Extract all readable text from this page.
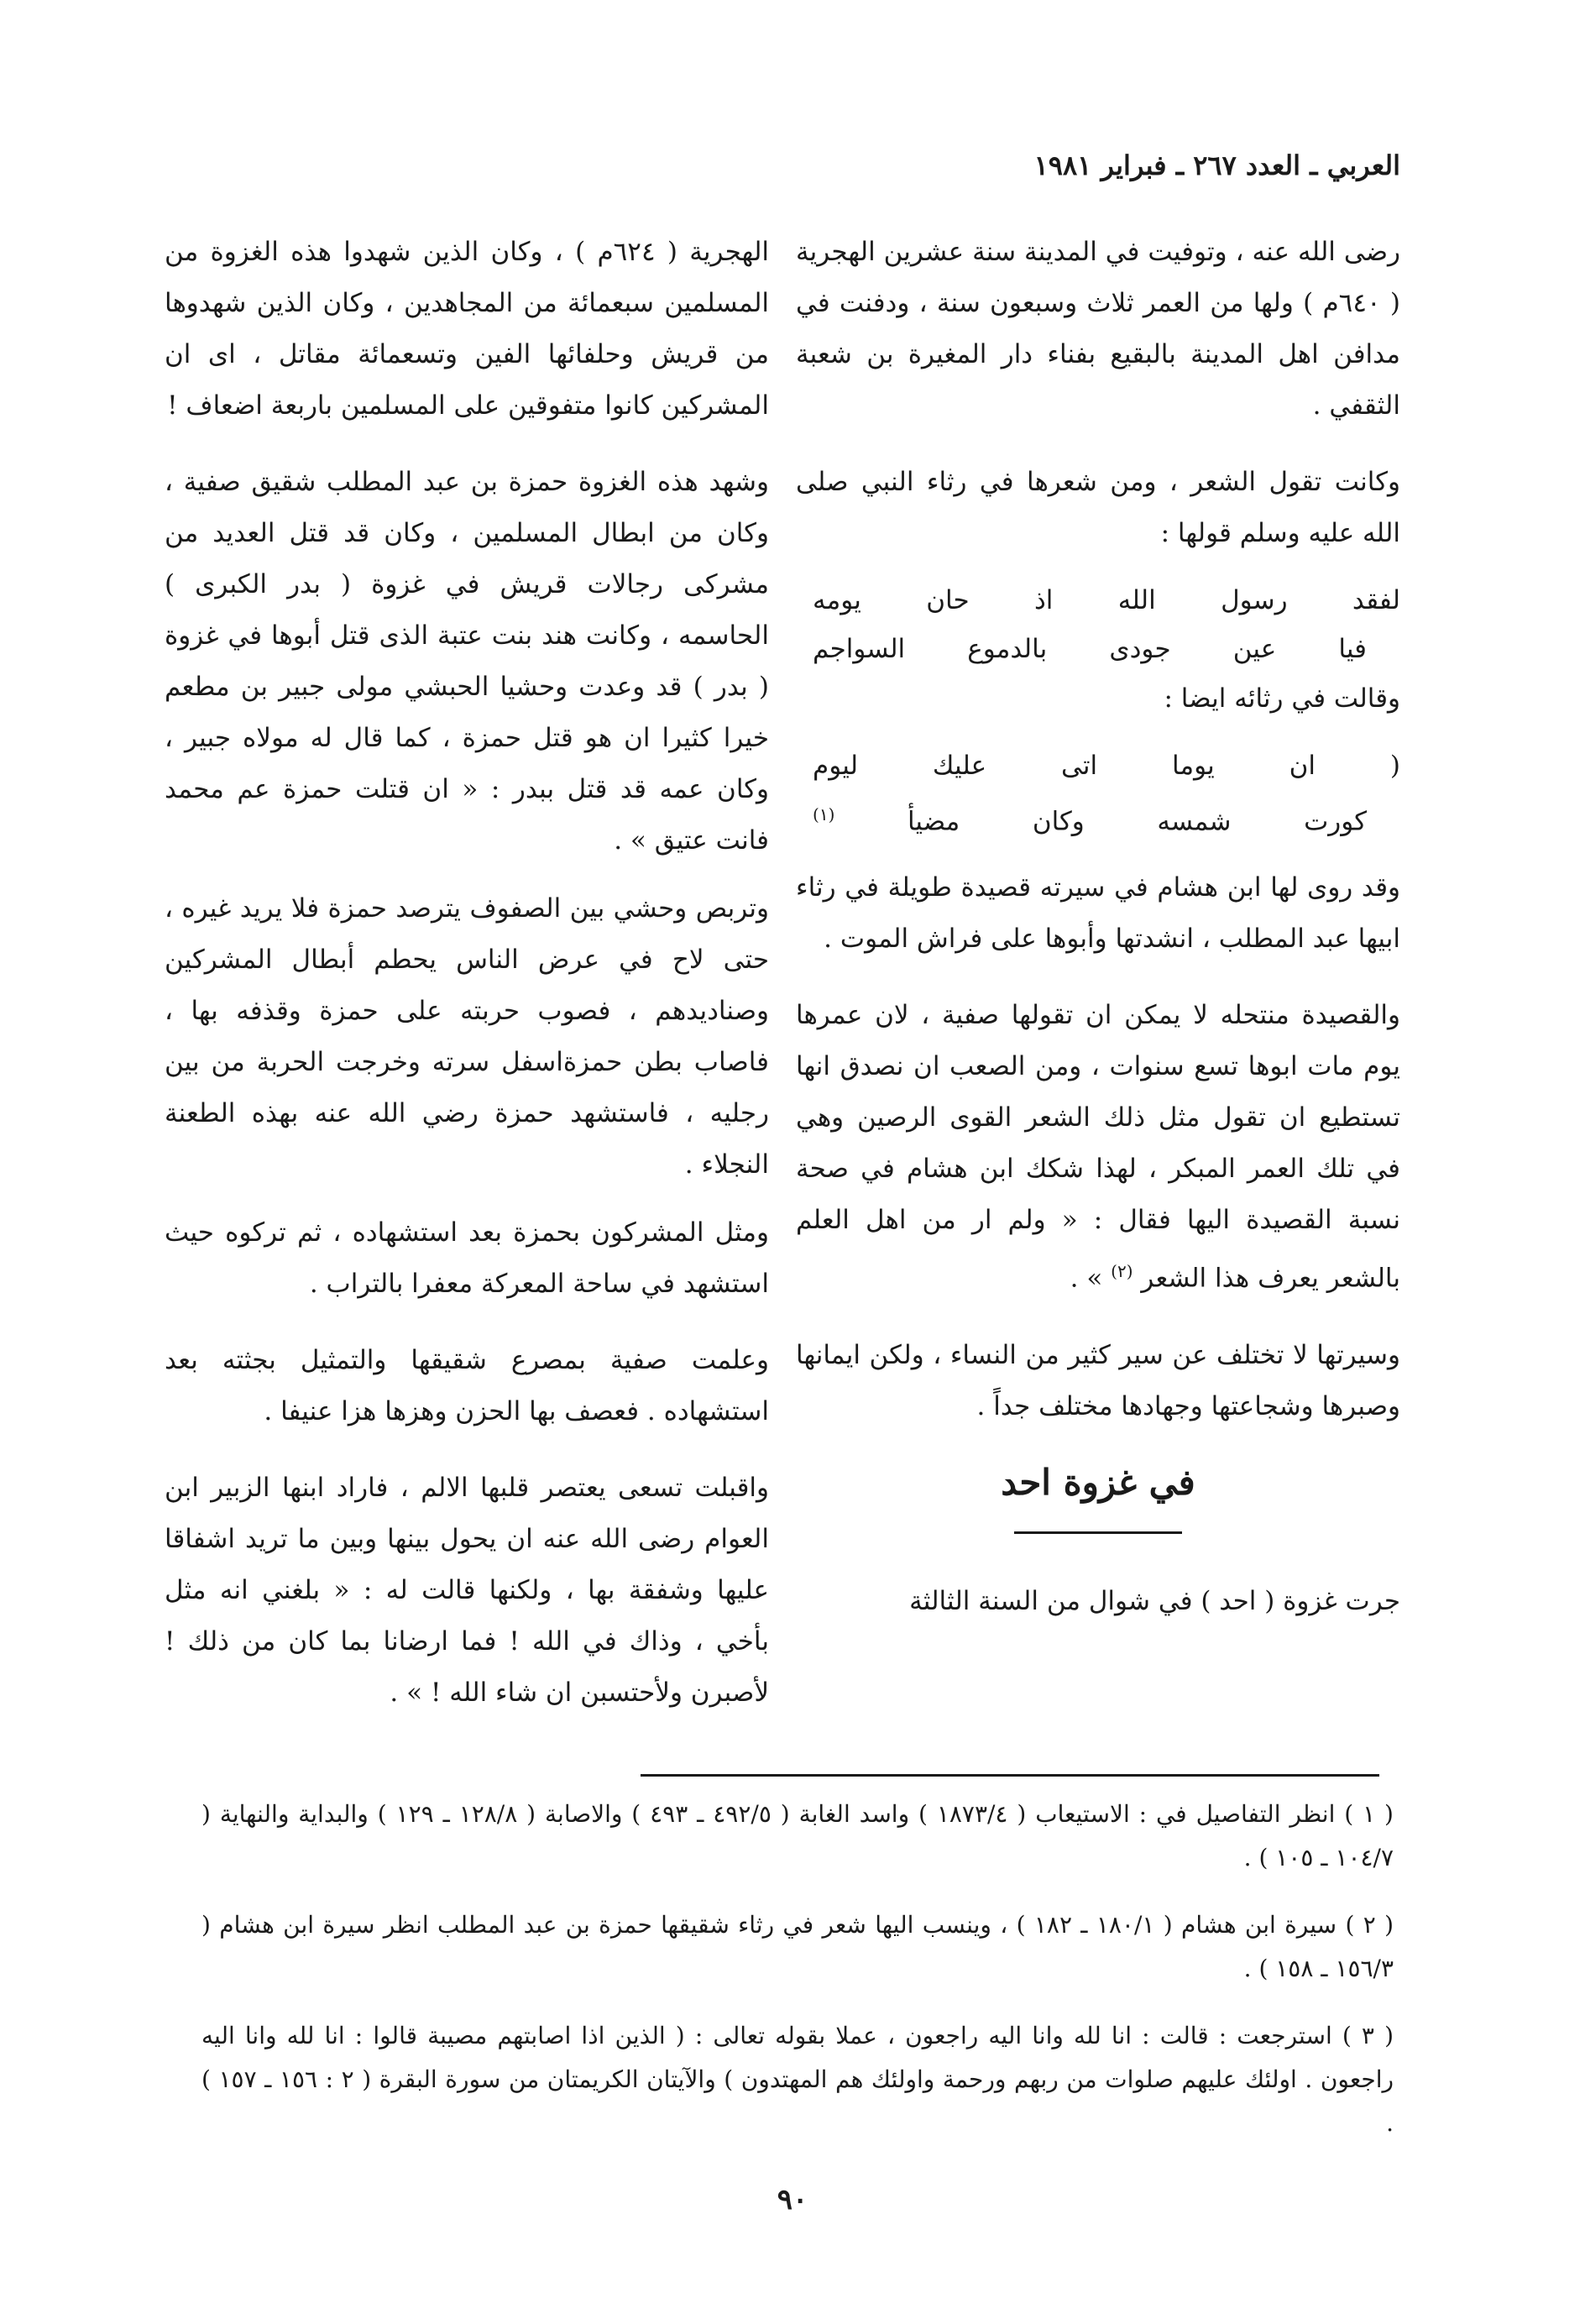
العربي ـ العدد ٢٦٧ ـ فبراير ١٩٨١

رضى الله عنه ، وتوفيت في المدينة سنة عشرين الهجرية ( ٦٤٠م ) ولها من العمر ثلاث وسبعون سنة ، ودفنت في مدافن اهل المدينة بالبقيع بفناء دار المغيرة بن شعبة الثقفي .

وكانت تقول الشعر ، ومن شعرها في رثاء النبي صلى الله عليه وسلم قولها :

لفقد رسول الله اذ حان يومه
فيا عين جودى بالدموع السواجم

وقالت في رثائه ايضا :

( ان يوما اتى عليك ليوم
كورت شمسه وكان مضيأ $^{(١)}$

وقد روى لها ابن هشام في سيرته قصيدة طويلة في رثاء ابيها عبد المطلب ، انشدتها وأبوها على فراش الموت .

والقصيدة منتحله لا يمكن ان تقولها صفية ، لان عمرها يوم مات ابوها تسع سنوات ، ومن الصعب ان نصدق انها تستطيع ان تقول مثل ذلك الشعر القوى الرصين وهي في تلك العمر المبكر ، لهذا شكك ابن هشام في صحة نسبة القصيدة اليها فقال : « ولم ار من اهل العلم بالشعر يعرف هذا الشعر $^{(٢)}$ » .

وسيرتها لا تختلف عن سير كثير من النساء ، ولكن ايمانها وصبرها وشجاعتها وجهادها مختلف جداً .

في غزوة احد

جرت غزوة ( احد ) في شوال من السنة الثالثة

الهجرية ( ٦٢٤م ) ، وكان الذين شهدوا هذه الغزوة من المسلمين سبعمائة من المجاهدين ، وكان الذين شهدوها من قريش وحلفائها الفين وتسعمائة مقاتل ، اى ان المشركين كانوا متفوقين على المسلمين باربعة اضعاف !

وشهد هذه الغزوة حمزة بن عبد المطلب شقيق صفية ، وكان من ابطال المسلمين ، وكان قد قتل العديد من مشركى رجالات قريش في غزوة ( بدر الكبرى ) الحاسمه ، وكانت هند بنت عتبة الذى قتل أبوها في غزوة ( بدر ) قد وعدت وحشيا الحبشي مولى جبير بن مطعم خيرا كثيرا ان هو قتل حمزة ، كما قال له مولاه جبير ، وكان عمه قد قتل ببدر : « ان قتلت حمزة عم محمد فانت عتيق » .

وتربص وحشي بين الصفوف يترصد حمزة فلا يريد غيره ، حتى لاح في عرض الناس يحطم أبطال المشركين وصناديدهم ، فصوب حربته على حمزة وقذفه بها ، فاصاب بطن حمزةاسفل سرته وخرجت الحربة من بين رجليه ، فاستشهد حمزة رضي الله عنه بهذه الطعنة النجلاء .

ومثل المشركون بحمزة بعد استشهاده ، ثم تركوه حيث استشهد في ساحة المعركة معفرا بالتراب .

وعلمت صفية بمصرع شقيقها والتمثيل بجثته بعد استشهاده . فعصف بها الحزن وهزها هزا عنيفا .

واقبلت تسعى يعتصر قلبها الالم ، فاراد ابنها الزبير ابن العوام رضى الله عنه ان يحول بينها وبين ما تريد اشفاقا عليها وشفقة بها ، ولكنها قالت له : « بلغني انه مثل بأخي ، وذاك في الله ! فما ارضانا بما كان من ذلك ! لأصبرن ولأحتسبن ان شاء الله ! » .

( ١ ) انظر التفاصيل في : الاستيعاب ( ١٨٧٣/٤ ) واسد الغابة ( ٤٩٢/٥ ـ ٤٩٣ ) والاصابة ( ١٢٨/٨ ـ ١٢٩ ) والبداية والنهاية ( ١٠٤/٧ ـ ١٠٥ ) .

( ٢ ) سيرة ابن هشام ( ١٨٠/١ ـ ١٨٢ ) ، وينسب اليها شعر في رثاء شقيقها حمزة بن عبد المطلب انظر سيرة ابن هشام ( ١٥٦/٣ ـ ١٥٨ ) .

( ٣ ) استرجعت : قالت : انا لله وانا اليه راجعون ، عملا بقوله تعالى : ( الذين اذا اصابتهم مصيبة قالوا : انا لله وانا اليه راجعون . اولئك عليهم صلوات من ربهم ورحمة واولئك هم المهتدون ) والآيتان الكريمتان من سورة البقرة ( ٢ : ١٥٦ ـ ١٥٧ ) .

٩٠
